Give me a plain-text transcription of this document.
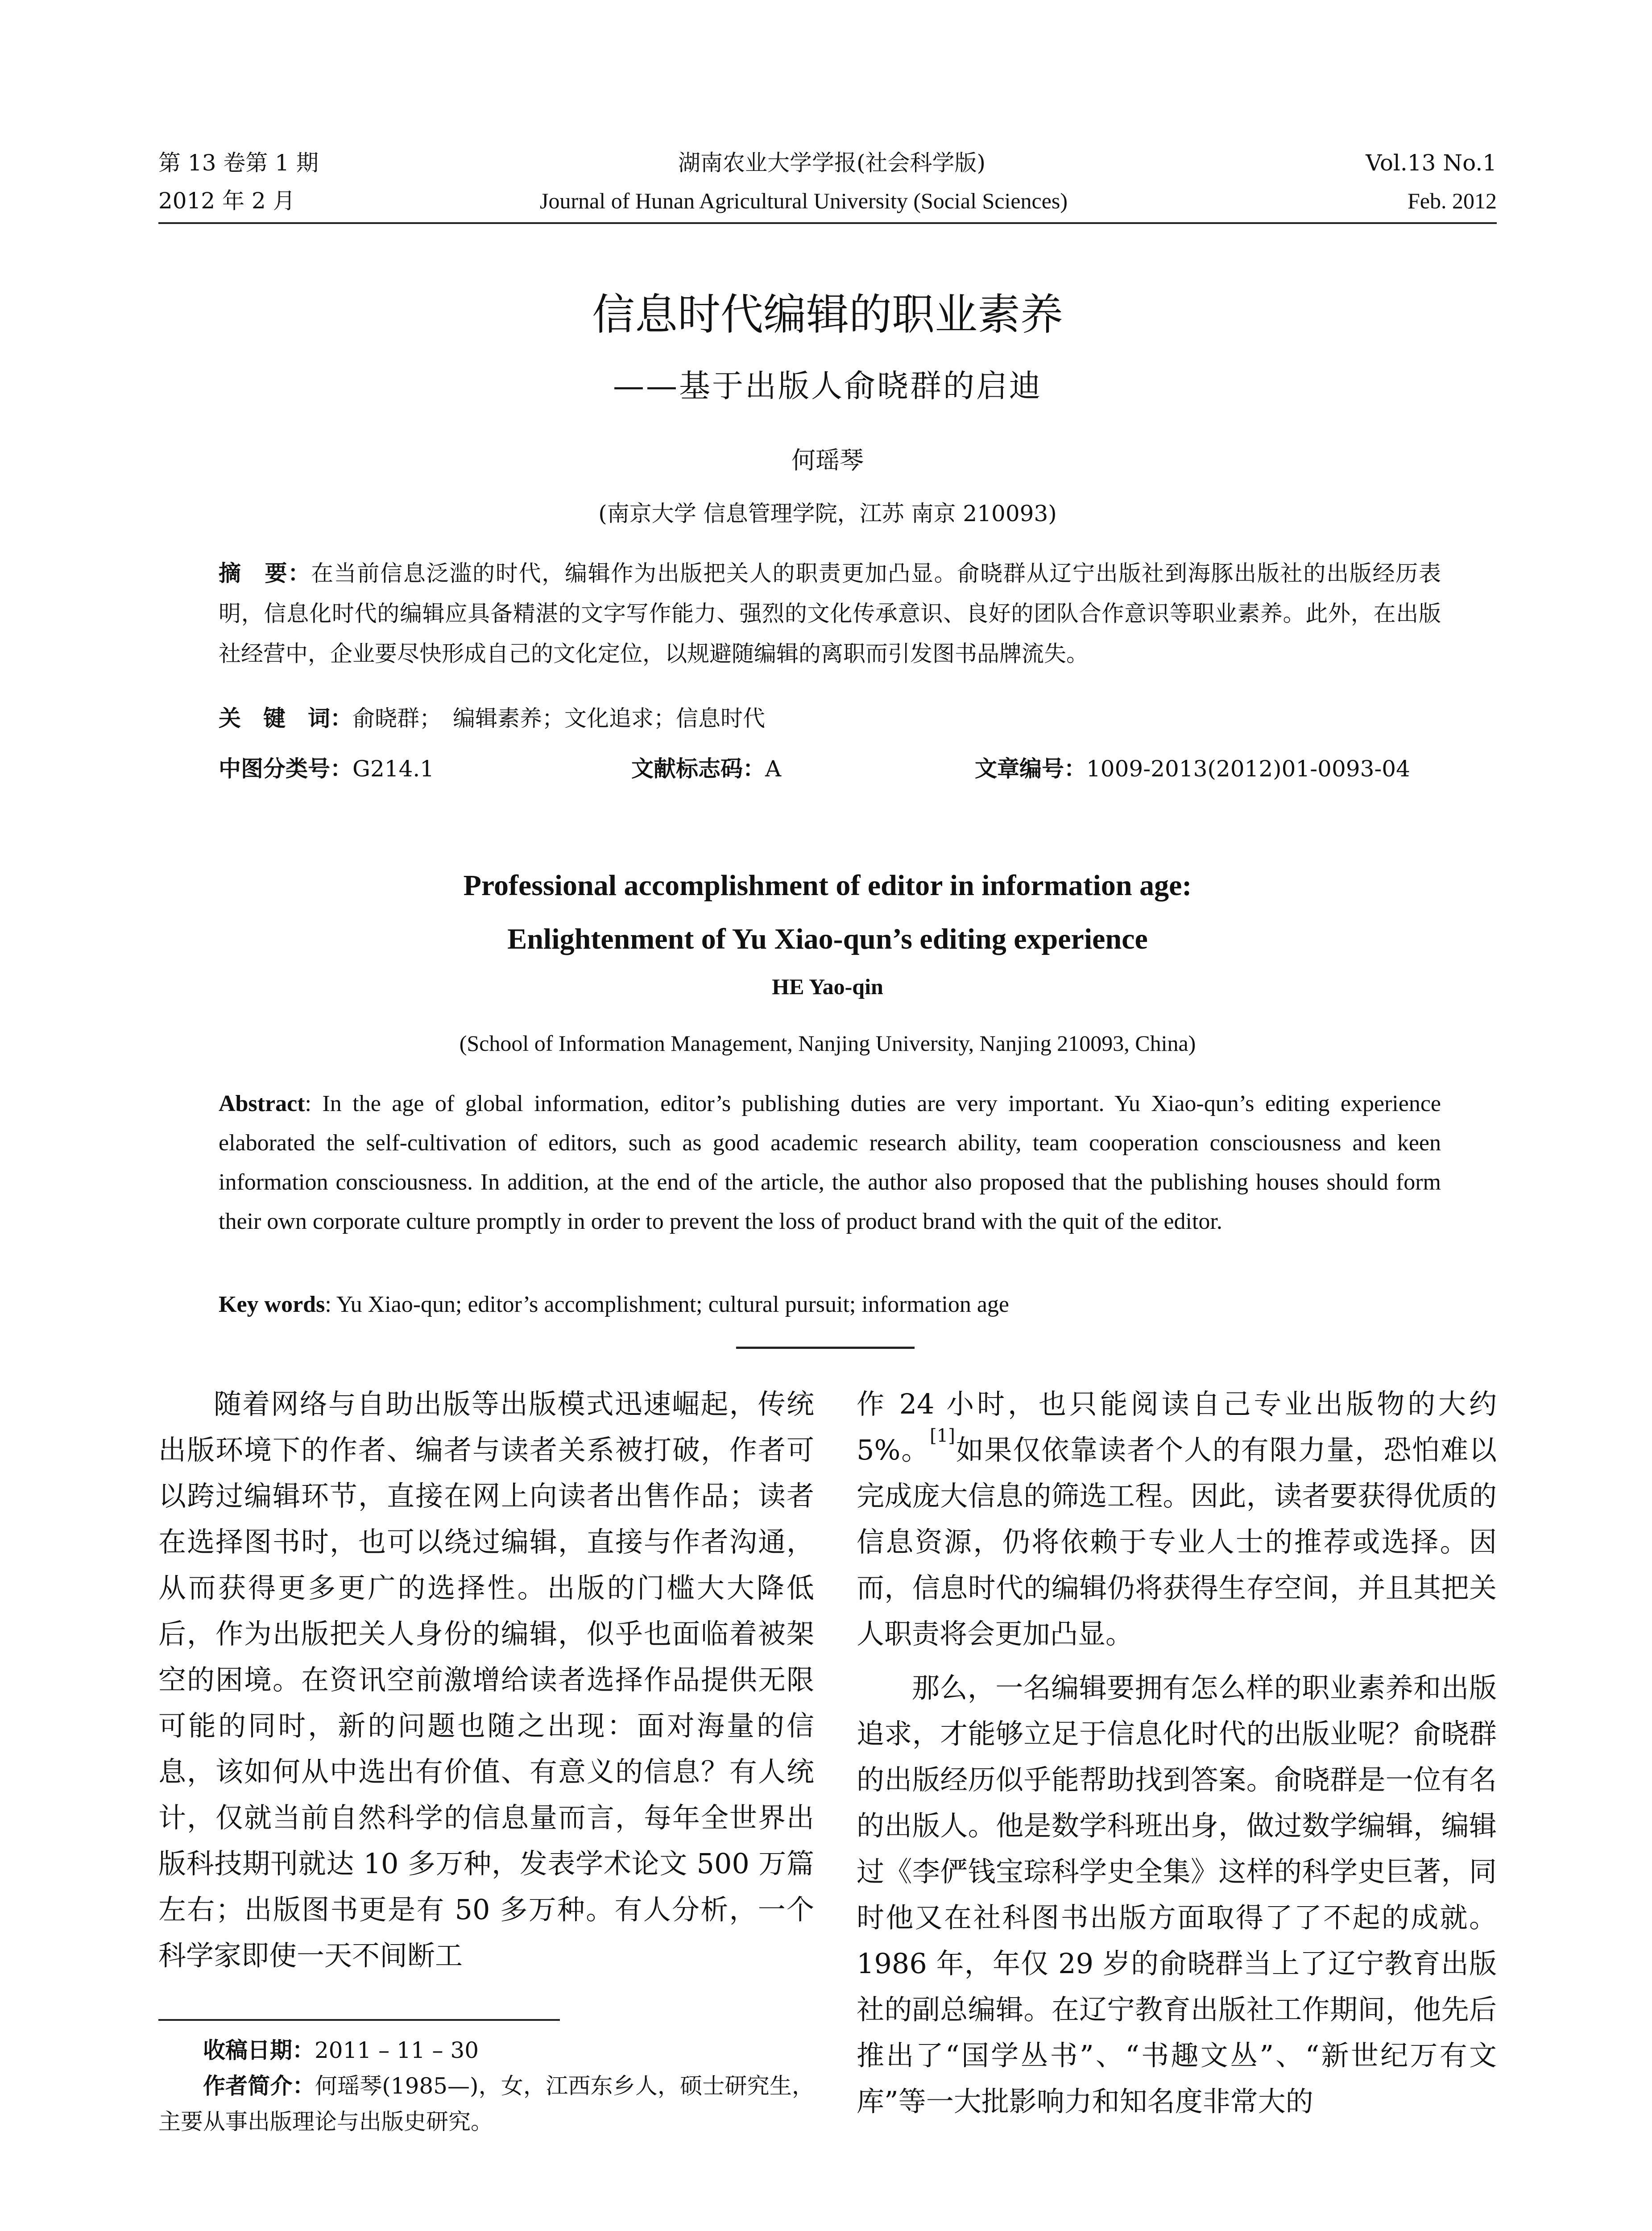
第 13 卷第 1 期	湖南农业大学学报(社会科学版)	Vol.13 No.1
2012 年 2 月	Journal of Hunan Agricultural University (Social Sciences)	Feb. 2012
信息时代编辑的职业素养
——基于出版人俞晓群的启迪
何瑶琴
(南京大学 信息管理学院，江苏 南京 210093)
摘　要：在当前信息泛滥的时代，编辑作为出版把关人的职责更加凸显。俞晓群从辽宁出版社到海豚出版社的出版经历表明，信息化时代的编辑应具备精湛的文字写作能力、强烈的文化传承意识、良好的团队合作意识等职业素养。此外，在出版社经营中，企业要尽快形成自己的文化定位，以规避随编辑的离职而引发图书品牌流失。
关　键　词：俞晓群；　编辑素养；文化追求；信息时代
中图分类号：G214.1	文献标志码：A	文章编号：1009-2013(2012)01-0093-04
Professional accomplishment of editor in information age:
Enlightenment of Yu Xiao-qun’s editing experience
HE Yao-qin
(School of Information Management, Nanjing University, Nanjing 210093, China)
Abstract: In the age of global information, editor’s publishing duties are very important. Yu Xiao-qun’s editing experience elaborated the self-cultivation of editors, such as good academic research ability, team cooperation consciousness and keen information consciousness. In addition, at the end of the article, the author also proposed that the publishing houses should form their own corporate culture promptly in order to prevent the loss of product brand with the quit of the editor.
Key words: Yu Xiao-qun; editor’s accomplishment; cultural pursuit; information age

随着网络与自助出版等出版模式迅速崛起，传统出版环境下的作者、编者与读者关系被打破，作者可以跨过编辑环节，直接在网上向读者出售作品；读者在选择图书时，也可以绕过编辑，直接与作者沟通，从而获得更多更广的选择性。出版的门槛大大降低后，作为出版把关人身份的编辑，似乎也面临着被架空的困境。在资讯空前激增给读者选择作品提供无限可能的同时，新的问题也随之出现：面对海量的信息，该如何从中选出有价值、有意义的信息？有人统计，仅就当前自然科学的信息量而言，每年全世界出版科技期刊就达 10 多万种，发表学术论文 500 万篇左右；出版图书更是有 50 多万种。有人分析，一个科学家即使一天不间断工

收稿日期：2011 – 11 – 30
作者简介：何瑶琴(1985—)，女，江西东乡人，硕士研究生，主要从事出版理论与出版史研究。

作 24 小时，也只能阅读自己专业出版物的大约 5%。[1]如果仅依靠读者个人的有限力量，恐怕难以完成庞大信息的筛选工程。因此，读者要获得优质的信息资源，仍将依赖于专业人士的推荐或选择。因而，信息时代的编辑仍将获得生存空间，并且其把关人职责将会更加凸显。

那么，一名编辑要拥有怎么样的职业素养和出版追求，才能够立足于信息化时代的出版业呢？俞晓群的出版经历似乎能帮助找到答案。俞晓群是一位有名的出版人。他是数学科班出身，做过数学编辑，编辑过《李俨钱宝琮科学史全集》这样的科学史巨著，同时他又在社科图书出版方面取得了了不起的成就。1986 年，年仅 29 岁的俞晓群当上了辽宁教育出版社的副总编辑。在辽宁教育出版社工作期间，他先后推出了“国学丛书”、“书趣文丛”、“新世纪万有文库”等一大批影响力和知名度非常大的
